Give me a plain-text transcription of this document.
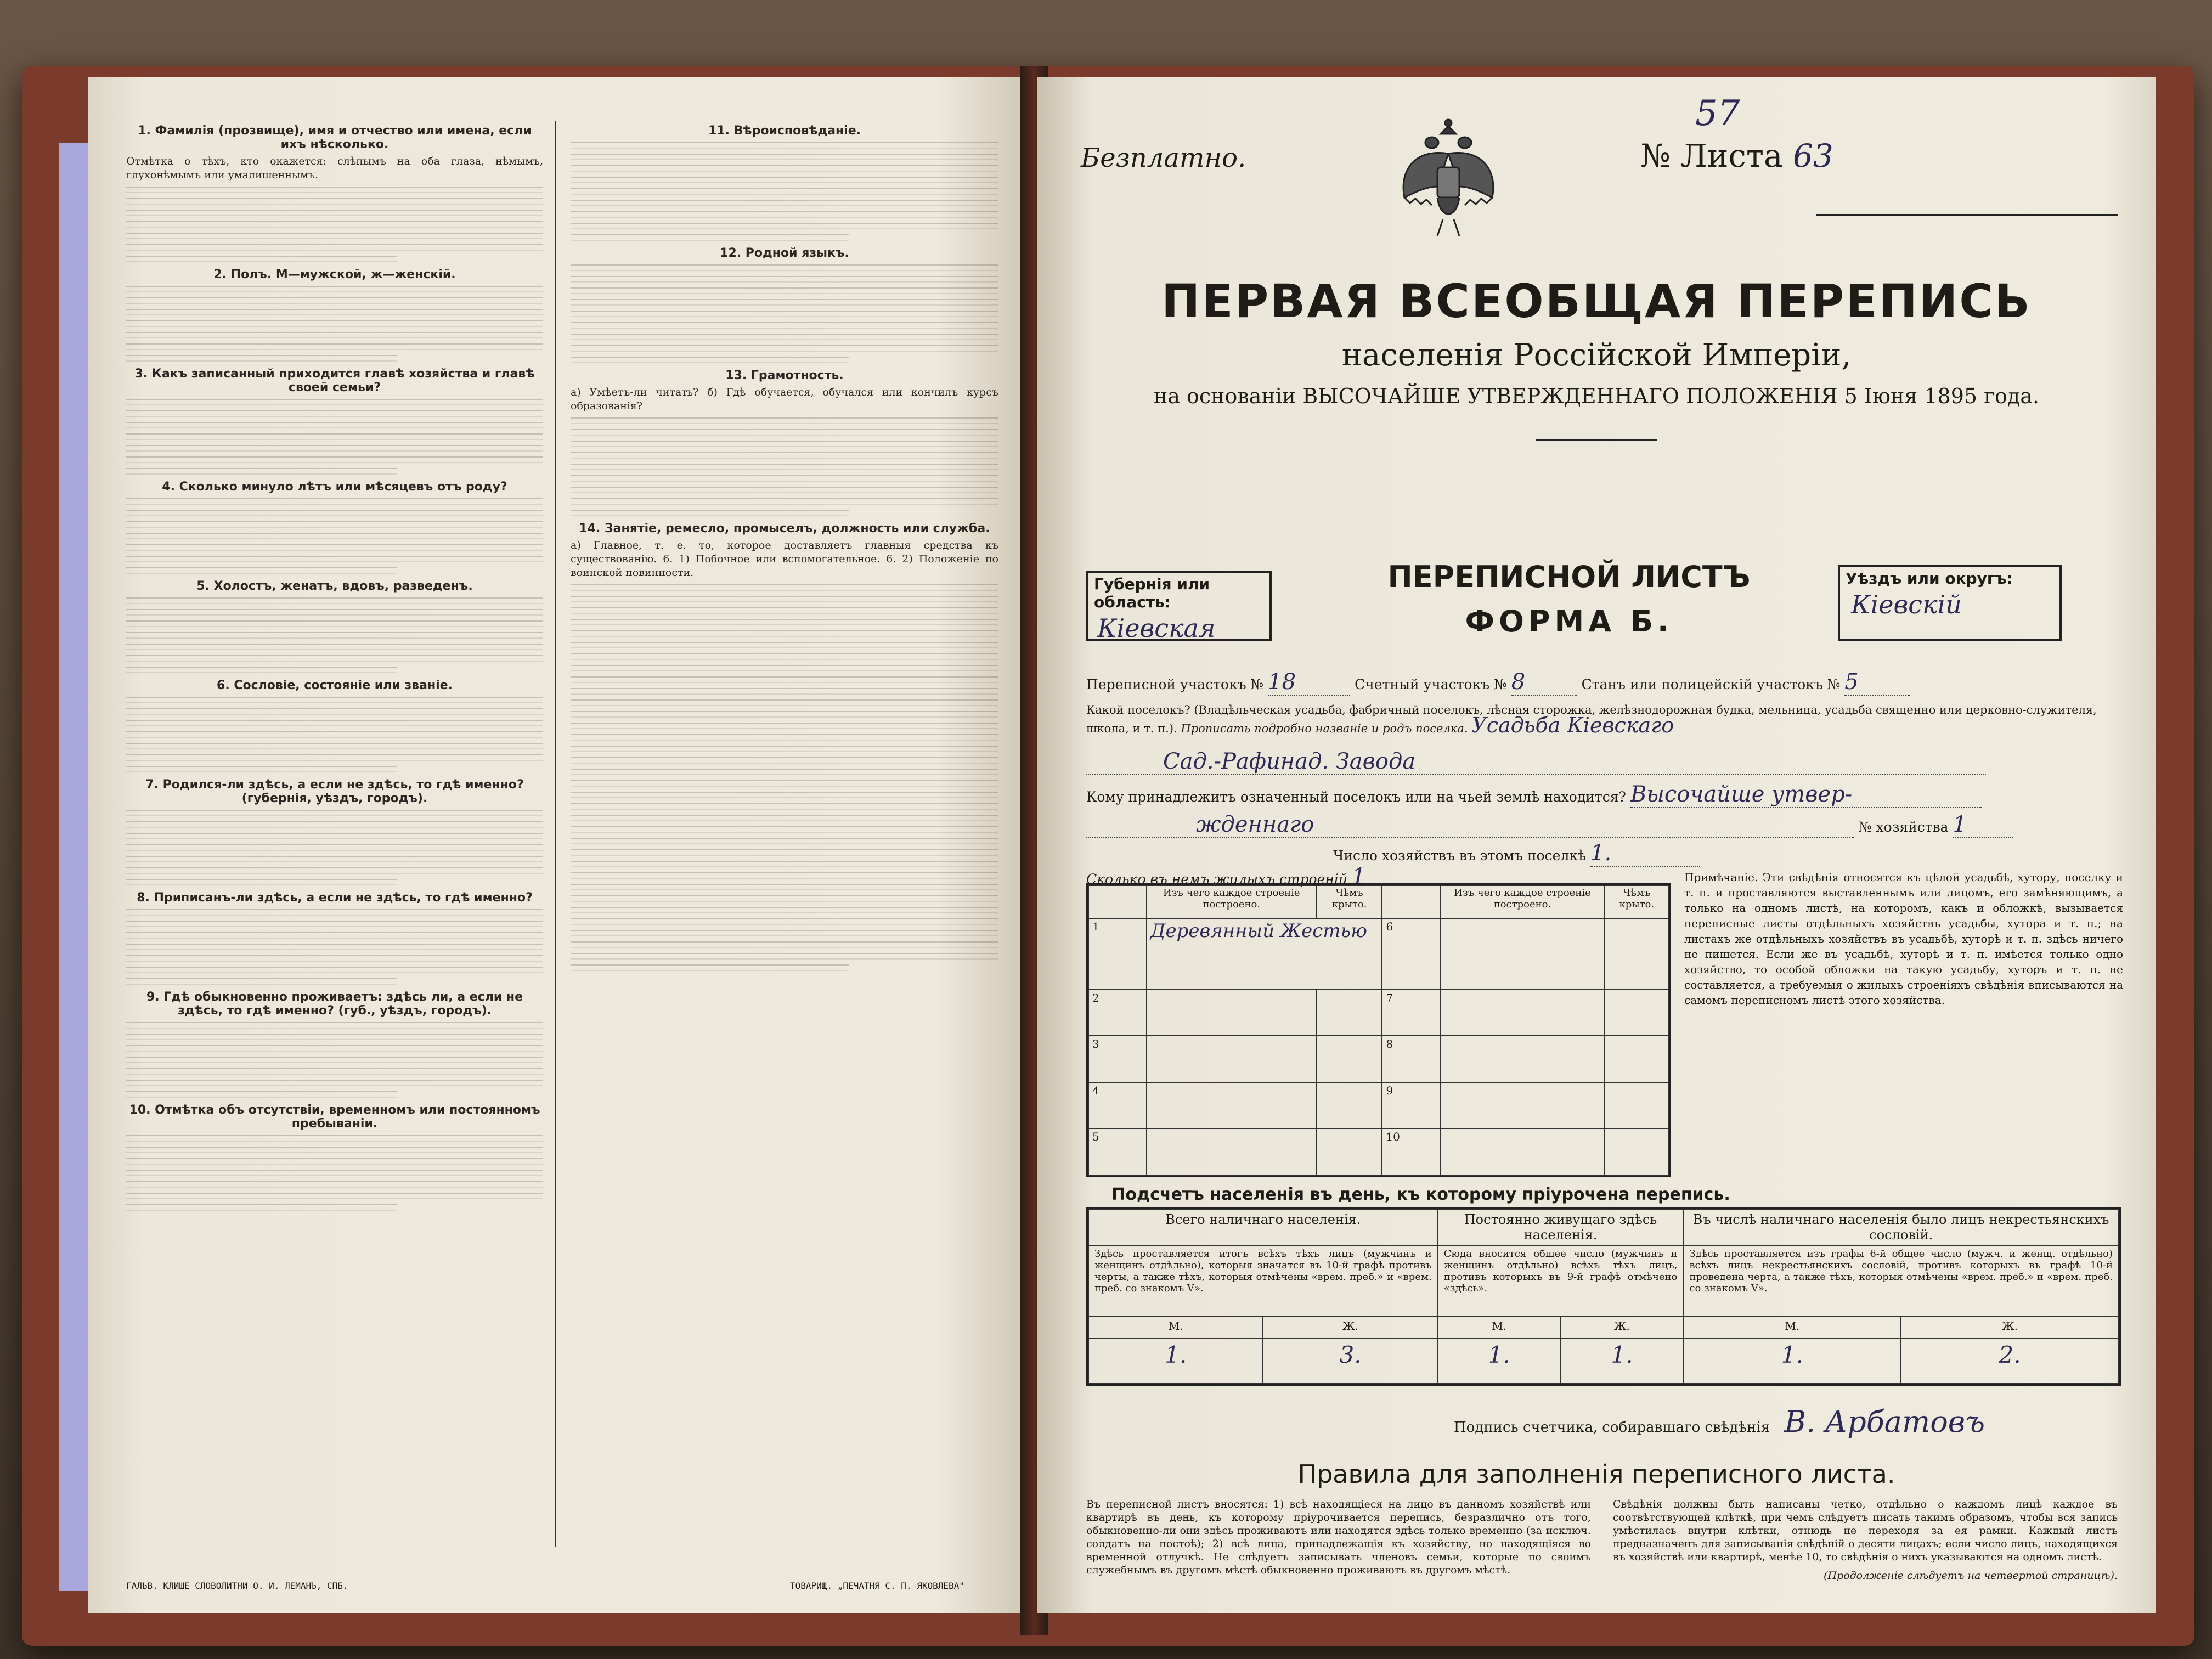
1. Фамилія (прозвище), имя и отчество или имена, если ихъ нѣсколько.
Отмѣтка о тѣхъ, кто окажется: слѣпымъ на оба глаза, нѣмымъ, глухонѣмымъ или умалишеннымъ.
2. Полъ. М—мужской, ж—женскій.
3. Какъ записанный приходится главѣ хозяйства и главѣ своей семьи?
4. Сколько минуло лѣтъ или мѣсяцевъ отъ роду?
5. Холостъ, женатъ, вдовъ, разведенъ.
6. Сословіе, состояніе или званіе.
7. Родился-ли здѣсь, а если не здѣсь, то гдѣ именно? (губернія, уѣздъ, городъ).
8. Приписанъ-ли здѣсь, а если не здѣсь, то гдѣ именно?
9. Гдѣ обыкновенно проживаетъ: здѣсь ли, а если не здѣсь, то гдѣ именно? (губ., уѣздъ, городъ).
10. Отмѣтка объ отсутствіи, временномъ или постоянномъ пребываніи.
11. Вѣроисповѣданіе.
12. Родной языкъ.
13. Грамотность.
а) Умѣетъ-ли читать? б) Гдѣ обучается, обучался или кончилъ курсъ образованія?
14. Занятіе, ремесло, промыселъ, должность или служба.
а) Главное, т. е. то, которое доставляетъ главныя средства къ существованію. 6. 1) Побочное или вспомогательное. 6. 2) Положеніе по воинской повинности.
ГАЛЬВ. КЛИШЕ СЛОВОЛИТНИ О. И. ЛЕМАНЪ, СПБ.	ТОВАРИЩ. „ПЕЧАТНЯ С. П. ЯКОВЛЕВА"
57
Безплатно.	№ Листа 63
ПЕРВАЯ ВСЕОБЩАЯ ПЕРЕПИСЬ
населенія Россійской Имперіи,
на основаніи ВЫСОЧАЙШЕ УТВЕРЖДЕННАГО ПОЛОЖЕНІЯ 5 Іюня 1895 года.
Губернія или область:
Кіевская
ПЕРЕПИСНОЙ ЛИСТЪ
ФОРМА Б.
Уѣздъ или округъ:
Кіевскій
Переписной участокъ № 18	Счетный участокъ № 8	Станъ или полицейскій участокъ № 5
Какой поселокъ? (Владѣльческая усадьба, фабричный поселокъ, лѣсная сторожка, желѣзнодорожная будка, мельница, усадьба священно или церковно-служителя, школа, и т. п.). Прописать подробно названіе и родъ поселка. Усадьба Кіевскаго
Сад.-Рафинад. Завода
Кому принадлежитъ означенный поселокъ или на чьей землѣ находится? Высочайше утвер-
жденнаго	№ хозяйства 1
Число хозяйствъ въ этомъ поселкѣ 1.
Сколько въ немъ жилыхъ строеній 1
	Изъ чего каждое строеніе построено.	Чѣмъ крыто.		Изъ чего каждое строеніе построено.	Чѣмъ крыто.
1	Деревянный Жестью		6		
2			7		
3			8		
4			9		
5			10		
Примѣчаніе. Эти свѣдѣнія относятся къ цѣлой усадьбѣ, хутору, поселку и т. п. и проставляются выставленнымъ или лицомъ, его замѣняющимъ, а только на одномъ листѣ, на которомъ, какъ и обложкѣ, вызывается переписные листы отдѣльныхъ хозяйствъ усадьбы, хутора и т. п.; на листахъ же отдѣльныхъ хозяйствъ въ усадьбѣ, хуторѣ и т. п. здѣсь ничего не пишется. Если же въ усадьбѣ, хуторѣ и т. п. имѣется только одно хозяйство, то особой обложки на такую усадьбу, хуторъ и т. п. не составляется, а требуемыя о жилыхъ строеніяхъ свѣдѣнія вписываются на самомъ переписномъ листѣ этого хозяйства.
Подсчетъ населенія въ день, къ которому пріурочена перепись.
Всего наличнаго населенія.		Постоянно живущаго здѣсь населенія.		Въ числѣ наличнаго населенія было лицъ некрестьянскихъ сословій.	
Здѣсь проставляется итогъ всѣхъ тѣхъ лицъ (мужчинъ и женщинъ отдѣльно), которыя значатся въ 10-й графѣ противъ черты, а также тѣхъ, которыя отмѣчены «врем. преб.» и «врем. преб. со знакомъ V».		Сюда вносится общее число (мужчинъ и женщинъ отдѣльно) всѣхъ тѣхъ лицъ, противъ которыхъ въ 9-й графѣ отмѣчено «здѣсь».		Здѣсь проставляется изъ графы 6-й общее число (мужч. и женщ. отдѣльно) всѣхъ лицъ некрестьянскихъ сословій, противъ которыхъ въ графѣ 10-й проведена черта, а также тѣхъ, которыя отмѣчены «врем. преб.» и «врем. преб. со знакомъ V».	
М.	Ж.	М.	Ж.	М.	Ж.
1.	3.	1.	1.	1.	2.
Подпись счетчика, собиравшаго свѣдѣнія В. Арбатовъ
Правила для заполненія переписного листа.
Въ переписной листъ вносятся: 1) всѣ находящіеся на лицо въ данномъ хозяйствѣ или квартирѣ въ день, къ которому пріурочивается перепись, безразлично отъ того, обыкновенно-ли они здѣсь проживаютъ или находятся здѣсь только временно (за исключ. солдатъ на постоѣ); 2) всѣ лица, принадлежащія къ хозяйству, но находящіяся во временной отлучкѣ. Не слѣдуетъ записывать членовъ семьи, которые по своимъ служебнымъ въ другомъ мѣстѣ обыкновенно проживаютъ въ другомъ мѣстѣ.
Свѣдѣнія должны быть написаны четко, отдѣльно о каждомъ лицѣ каждое въ соотвѣтствующей клѣткѣ, при чемъ слѣдуетъ писать такимъ образомъ, чтобы вся запись умѣстилась внутри клѣтки, отнюдь не переходя за ея рамки. Каждый листъ предназначенъ для записыванія свѣдѣній о десяти лицахъ; если число лицъ, находящихся въ хозяйствѣ или квартирѣ, менѣе 10, то свѣдѣнія о нихъ указываются на одномъ листѣ.
(Продолженіе слѣдуетъ на четвертой страницѣ).
